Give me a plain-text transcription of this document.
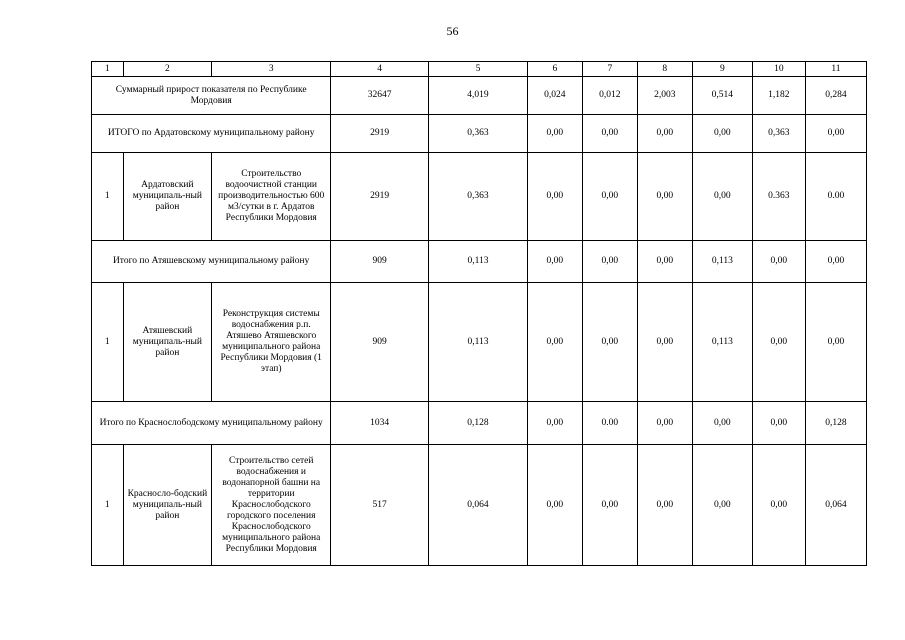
56
1	2	3	4	5	6	7	8	9	10	11
Суммарный прирост показателя по Республике Мордовия			32647	4,019	0,024	0,012	2,003	0,514	1,182	0,284
ИТОГО по Ардатовскому муниципальному району			2919	0,363	0,00	0,00	0,00	0,00	0,363	0,00
1	Ардатовский муниципаль-ный район	Строительство водоочистной станции производительностью 600 м3/сутки в г. Ардатов Республики Мордовия	2919	0,363	0,00	0,00	0,00	0,00	0.363	0.00
Итого по Атяшевскому муниципальному району			909	0,113	0,00	0,00	0,00	0,113	0,00	0,00
1	Атяшевский муниципаль-ный район	Реконструкция системы водоснабжения р.п. Атяшево Атяшевского муниципального района Республики Мордовия (1 этап)	909	0,113	0,00	0,00	0,00	0,113	0,00	0,00
Итого по Краснослободскому муниципальному району			1034	0,128	0,00	0.00	0,00	0,00	0,00	0,128
1	Красносло-бодский муниципаль-ный район	Строительство сетей водоснабжения и водонапорной башни на территории Краснослободского городского поселения Краснослободского муниципального района Республики Мордовия	517	0,064	0,00	0,00	0,00	0,00	0,00	0,064
